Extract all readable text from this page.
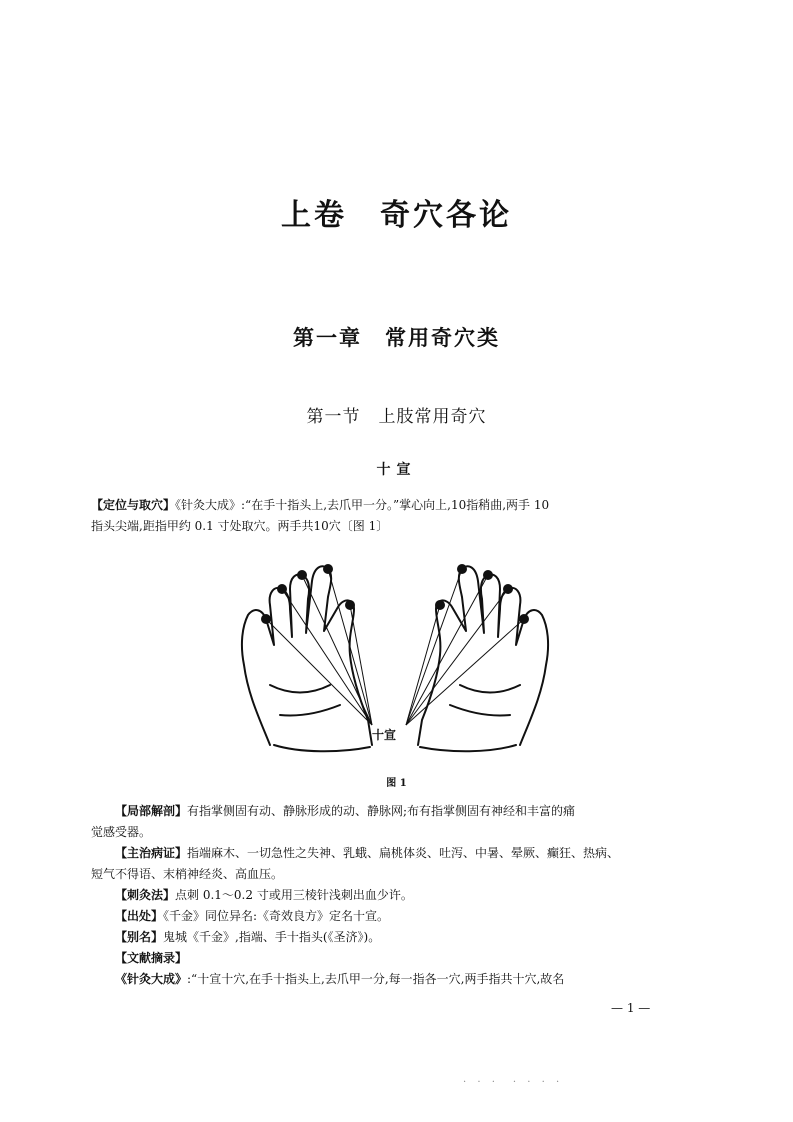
上卷　奇穴各论
第一章　常用奇穴类
第一节　上肢常用奇穴
十宣
【定位与取穴】《针灸大成》:“在手十指头上,去爪甲一分。”掌心向上,10指稍曲,两手 10
指头尖端,距指甲约 0.1 寸处取穴。两手共10穴〔图 1〕
十宣
图 1
【局部解剖】有指掌侧固有动、静脉形成的动、静脉网;布有指掌侧固有神经和丰富的痛
觉感受器。
【主治病证】指端麻木、一切急性之失神、乳蛾、扁桃体炎、吐泻、中暑、晕厥、癫狂、热病、
短气不得语、末梢神经炎、高血压。
【刺灸法】点刺 0.1～0.2 寸或用三棱针浅刺出血少许。
【出处】《千金》同位异名:《奇效良方》定名十宣。
【别名】鬼城《千金》,指端、手十指头(《圣济》)。
【文献摘录】
《针灸大成》:“十宣十穴,在手十指头上,去爪甲一分,每一指各一穴,两手指共十穴,故名
— 1 —
. . .　. . . .
